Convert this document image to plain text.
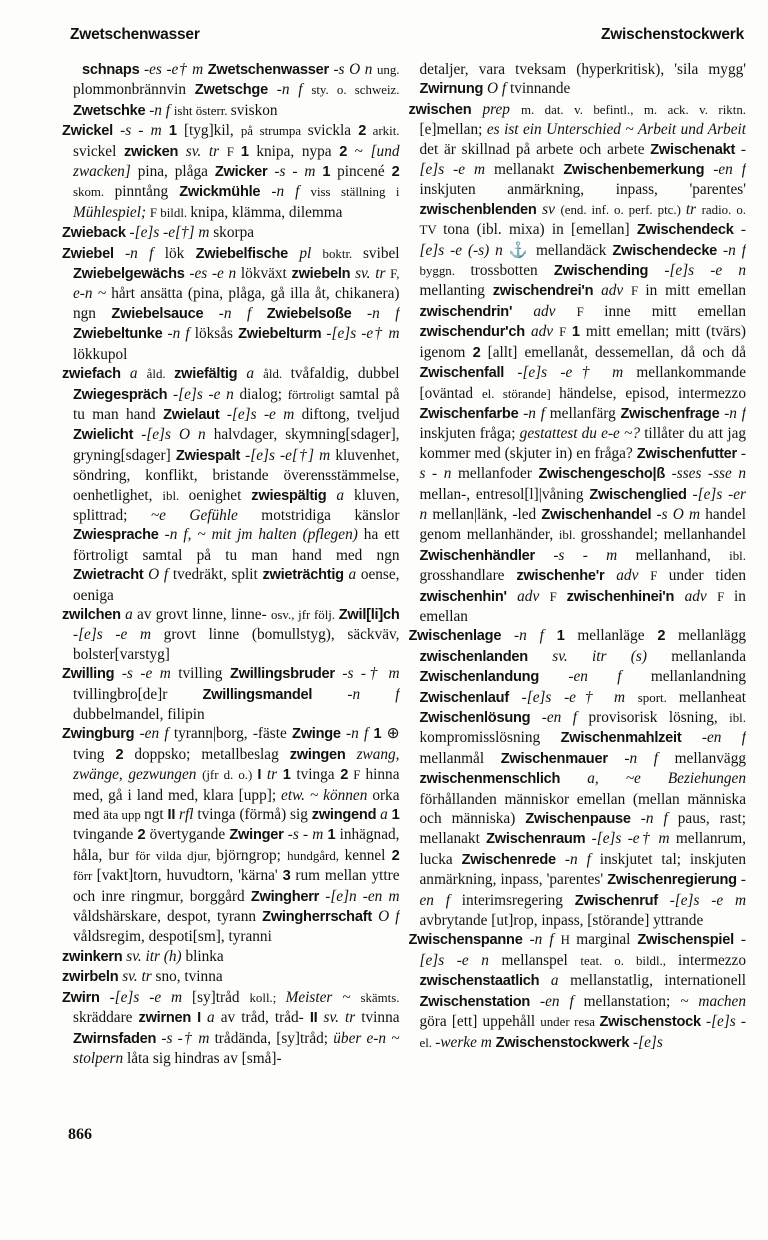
Zwetschenwasser	Zwischenstockwerk

schnaps -es -e† m Zwetschenwasser -s O n ung. plommonbrännvin Zwetschge -n f sty. o. schweiz. Zwetschke -n f isht österr. sviskon

Zwickel -s - m 1 [tyg]kil, på strumpa svickla 2 arkit. svickel zwicken sv. tr F 1 knipa, nypa 2 ~ [und zwacken] pina, plåga Zwicker -s - m 1 pincené 2 skom. pinntång Zwickmühle -n f viss ställning i Mühlespiel; F bildl. knipa, klämma, dilemma

Zwieback -[e]s -e[†] m skorpa

Zwiebel -n f lök Zwiebelfische pl boktr. svibel Zwiebelgewächs -es -e n lökväxt zwiebeln sv. tr F, e-n ~ hårt ansätta (pina, plåga, gå illa åt, chikanera) ngn Zwiebelsauce -n f Zwiebelsoße -n f Zwiebeltunke -n f löksås Zwiebelturm -[e]s -e† m lökkupol

zwiefach a åld. zwiefältig a åld. tvåfaldig, dubbel Zwiegespräch -[e]s -e n dialog; förtroligt samtal på tu man hand Zwielaut -[e]s -e m diftong, tveljud Zwielicht -[e]s O n halvdager, skymning[sdager], gryning[sdager] Zwiespalt -[e]s -e[†] m kluvenhet, söndring, konflikt, bristande överensstämmelse, oenhetlighet, ibl. oenighet zwiespältig a kluven, splittrad; ~e Gefühle motstridiga känslor Zwiesprache -n f, ~ mit jm halten (pflegen) ha ett förtroligt samtal på tu man hand med ngn Zwietracht O f tvedräkt, split zwieträchtig a oense, oeniga

zwilchen a av grovt linne, linne- osv., jfr följ. Zwil[li]ch -[e]s -e m grovt linne (bomullstyg), säckväv, bolster[varstyg]

Zwilling -s -e m tvilling Zwillingsbruder -s -† m tvillingbro[de]r Zwillingsmandel -n f dubbelmandel, filipin

Zwingburg -en f tyrann|borg, -fäste Zwinge -n f 1 ⊕ tving 2 doppsko; metallbeslag zwingen zwang, zwänge, gezwungen (jfr d. o.) I tr 1 tvinga 2 F hinna med, gå i land med, klara [upp]; etw. ~ können orka med äta upp ngt II rfl tvinga (förmå) sig zwingend a 1 tvingande 2 övertygande Zwinger -s - m 1 inhägnad, håla, bur för vilda djur, björngrop; hundgård, kennel 2 förr [vakt]torn, huvudtorn, 'kärna' 3 rum mellan yttre och inre ringmur, borggård Zwingherr -[e]n -en m våldshärskare, despot, tyrann Zwingherrschaft O f våldsregim, despoti[sm], tyranni

zwinkern sv. itr (h) blinka

zwirbeln sv. tr sno, tvinna

Zwirn -[e]s -e m [sy]tråd koll.; Meister ~ skämts. skräddare zwirnen I a av tråd, tråd- II sv. tr tvinna Zwirnsfaden -s -† m trådända, [sy]tråd; über e-n ~ stolpern låta sig hindras av [små]-

detaljer, vara tveksam (hyperkritisk), 'sila mygg' Zwirnung O f tvinnande

zwischen prep m. dat. v. befintl., m. ack. v. riktn. [e]mellan; es ist ein Unterschied ~ Arbeit und Arbeit det är skillnad på arbete och arbete Zwischenakt -[e]s -e m mellanakt Zwischenbemerkung -en f inskjuten anmärkning, inpass, 'parentes' zwischenblenden sv (end. inf. o. perf. ptc.) tr radio. o. TV tona (ibl. mixa) in [emellan] Zwischendeck -[e]s -e (-s) n ⚓ mellandäck Zwischendecke -n f byggn. trossbotten Zwischending -[e]s -e n mellanting zwischendrei'n adv F in mitt emellan zwischendrin' adv F inne mitt emellan zwischendur'ch adv F 1 mitt emellan; mitt (tvärs) igenom 2 [allt] emellanåt, dessemellan, då och då Zwischenfall -[e]s -e† m mellankommande [oväntad el. störande] händelse, episod, intermezzo Zwischenfarbe -n f mellanfärg Zwischenfrage -n f inskjuten fråga; gestattest du e-e ~? tillåter du att jag kommer med (skjuter in) en fråga? Zwischenfutter -s - n mellanfoder Zwischengescho|ß -sses -sse n mellan-, entresol[l]|våning Zwischenglied -[e]s -er n mellan|länk, -led Zwischenhandel -s O m handel genom mellanhänder, ibl. grosshandel; mellanhandel Zwischenhändler -s - m mellanhand, ibl. grosshandlare zwischenhe'r adv F under tiden zwischenhin' adv F zwischenhinei'n adv F in emellan

Zwischenlage -n f 1 mellanläge 2 mellanlägg zwischenlanden sv. itr (s) mellanlanda Zwischenlandung -en f mellanlandning Zwischenlauf -[e]s -e† m sport. mellanheat Zwischenlösung -en f provisorisk lösning, ibl. kompromisslösning Zwischenmahlzeit -en f mellanmål Zwischenmauer -n f mellanvägg zwischenmenschlich a, ~e Beziehungen förhållanden människor emellan (mellan människa och människa) Zwischenpause -n f paus, rast; mellanakt Zwischenraum -[e]s -e† m mellanrum, lucka Zwischenrede -n f inskjutet tal; inskjuten anmärkning, inpass, 'parentes' Zwischenregierung -en f interimsregering Zwischenruf -[e]s -e m avbrytande [ut]rop, inpass, [störande] yttrande

Zwischenspanne -n f H marginal Zwischenspiel -[e]s -e n mellanspel teat. o. bildl., intermezzo zwischenstaatlich a mellanstatlig, internationell Zwischenstation -en f mellanstation; ~ machen göra [ett] uppehåll under resa Zwischenstock -[e]s - el. -werke m Zwischenstockwerk -[e]s

866
